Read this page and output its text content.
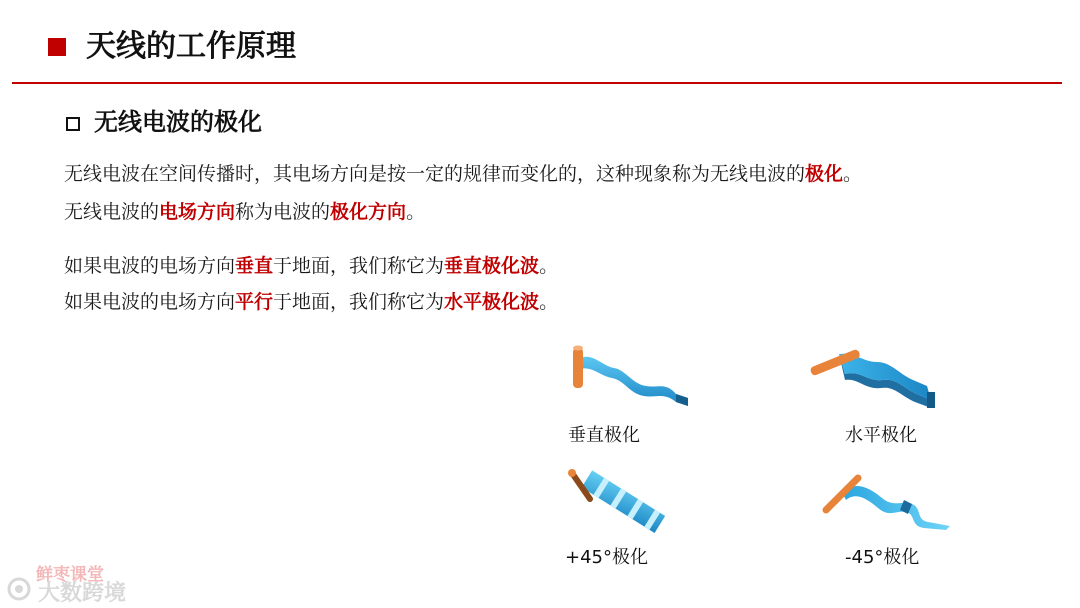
天线的工作原理
无线电波的极化
无线电波在空间传播时，其电场方向是按一定的规律而变化的，这种现象称为无线电波的极化。
无线电波的电场方向称为电波的极化方向。
如果电波的电场方向垂直于地面，我们称它为垂直极化波。
如果电波的电场方向平行于地面，我们称它为水平极化波。
垂直极化	水平极化
+45°极化	-45°极化
鲜枣课堂
大数跨境
